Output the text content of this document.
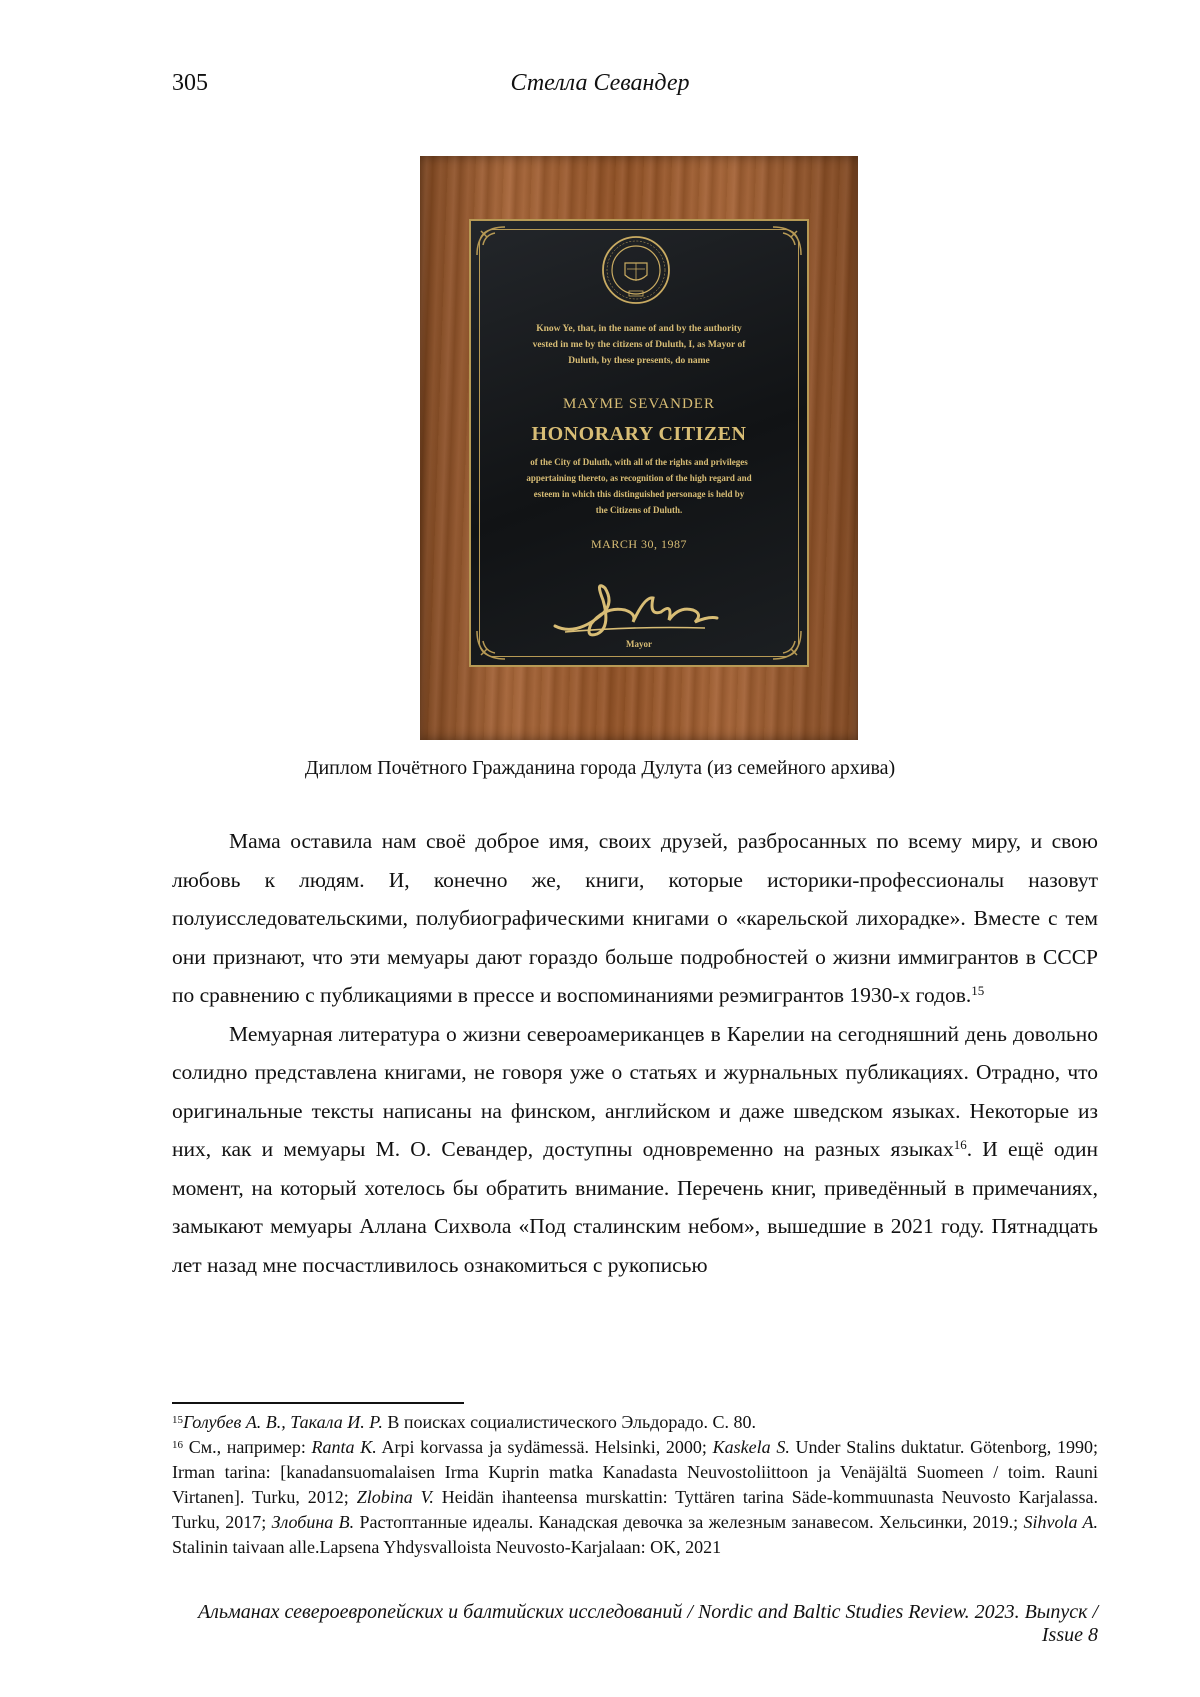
305	Стелла Севандер
Know Ye, that, in the name of and by the authority
vested in me by the citizens of Duluth, I, as Mayor of
Duluth, by these presents, do name
MAYME SEVANDER
HONORARY CITIZEN
of the City of Duluth, with all of the rights and privileges
appertaining thereto, as recognition of the high regard and
esteem in which this distinguished personage is held by
the Citizens of Duluth.
MARCH 30, 1987
Mayor
Диплом Почётного Гражданина города Дулута (из семейного архива)

Мама оставила нам своё доброе имя, своих друзей, разбросанных по всему миру, и свою любовь к людям. И, конечно же, книги, которые историки-профессионалы назовут полуисследовательскими, полубиографическими книгами о «карельской лихорадке». Вместе с тем они признают, что эти мемуары дают гораздо больше подробностей о жизни иммигрантов в СССР по сравнению с публикациями в прессе и воспоминаниями реэмигрантов 1930-х годов.$^{15}$

Мемуарная литература о жизни североамериканцев в Карелии на сегодняшний день довольно солидно представлена книгами, не говоря уже о статьях и журнальных публикациях. Отрадно, что оригинальные тексты написаны на финском, английском и даже шведском языках. Некоторые из них, как и мемуары М. О. Севандер, доступны одновременно на разных языках$^{16}$. И ещё один момент, на который хотелось бы обратить внимание. Перечень книг, приведённый в примечаниях, замыкают мемуары Аллана Сихвола «Под сталинским небом», вышедшие в 2021 году. Пятнадцать лет назад мне посчастливилось ознакомиться с рукописью

$^{15}$Голубев А. В., Такала И. Р. В поисках социалистического Эльдорадо. С. 80.

$^{16}$ См., например: Ranta K. Arpi korvassa ja sydämessä. Helsinki, 2000; Kaskela S. Under Stalins duktatur. Götenborg, 1990; Irman tarina: [kanadansuomalaisen Irma Kuprin matka Kanadasta Neuvostoliittoon ja Venäjältä Suomeen / toim. Rauni Virtanen]. Turku, 2012; Zlobina V. Heidän ihanteensa murskattin: Tyttären tarina Säde-kommuunasta Neuvosto Karjalassa. Turku, 2017; Злобина В. Растоптанные идеалы. Канадская девочка за железным занавесом. Хельсинки, 2019.; Sihvola A. Stalinin taivaan alle.Lapsena Yhdysvalloista Neuvosto-Karjalaan: OK, 2021

Альманах североевропейских и балтийских исследований / Nordic and Baltic Studies Review. 2023. Выпуск / Issue 8
